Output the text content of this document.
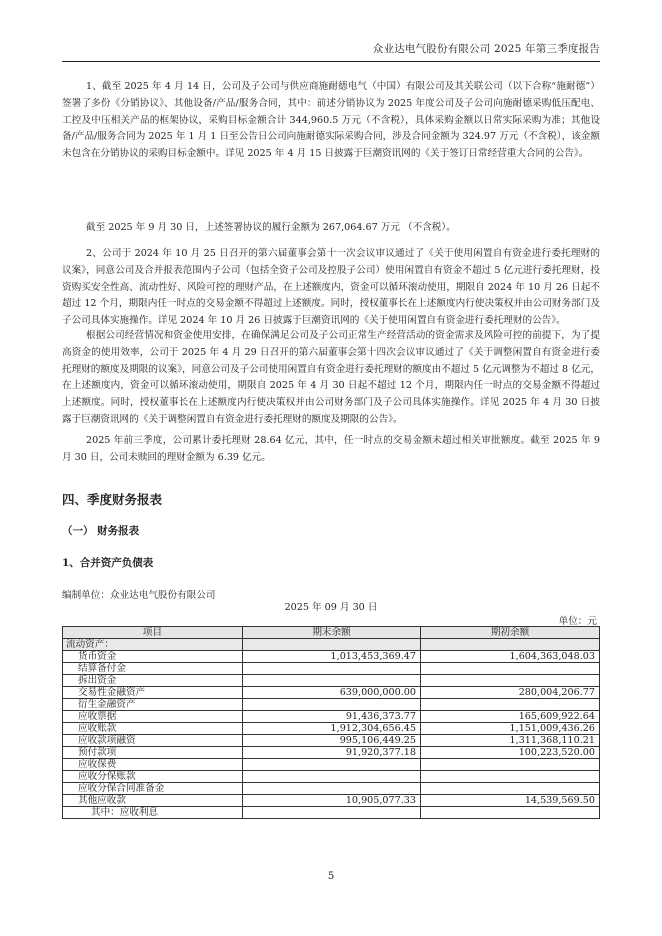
众业达电气股份有限公司 2025 年第三季度报告
1、截至 2025 年 4 月 14 日，公司及子公司与供应商施耐德电气（中国）有限公司及其关联公司（以下合称“施耐德”）签署了多份《分销协议》、其他设备/产品/服务合同，其中：前述分销协议为 2025 年度公司及子公司向施耐德采购低压配电、工控及中压相关产品的框架协议，采购目标金额合计 344,960.5 万元（不含税），具体采购金额以日常实际采购为准；其他设备/产品/服务合同为 2025 年 1 月 1 日至公告日公司向施耐德实际采购合同，涉及合同金额为 324.97 万元（不含税），该金额未包含在分销协议的采购目标金额中。详见 2025 年 4 月 15 日披露于巨潮资讯网的《关于签订日常经营重大合同的公告》。
截至 2025 年 9 月 30 日，上述签署协议的履行金额为 267,064.67 万元 （不含税）。
2、公司于 2024 年 10 月 25 日召开的第六届董事会第十一次会议审议通过了《关于使用闲置自有资金进行委托理财的议案》，同意公司及合并报表范围内子公司（包括全资子公司及控股子公司）使用闲置自有资金不超过 5 亿元进行委托理财，投资购买安全性高、流动性好、风险可控的理财产品，在上述额度内，资金可以循环滚动使用，期限自 2024 年 10 月 26 日起不超过 12 个月，期限内任一时点的交易金额不得超过上述额度。同时，授权董事长在上述额度内行使决策权并由公司财务部门及子公司具体实施操作。详见 2024 年 10 月 26 日披露于巨潮资讯网的《关于使用闲置自有资金进行委托理财的公告》。
根据公司经营情况和资金使用安排，在确保满足公司及子公司正常生产经营活动的资金需求及风险可控的前提下，为了提高资金的使用效率，公司于 2025 年 4 月 29 日召开的第六届董事会第十四次会议审议通过了《关于调整闲置自有资金进行委托理财的额度及期限的议案》，同意公司及子公司使用闲置自有资金进行委托理财的额度由不超过 5 亿元调整为不超过 8 亿元，在上述额度内，资金可以循环滚动使用，期限自 2025 年 4 月 30 日起不超过 12 个月，期限内任一时点的交易金额不得超过上述额度。同时，授权董事长在上述额度内行使决策权并由公司财务部门及子公司具体实施操作。详见 2025 年 4 月 30 日披露于巨潮资讯网的《关于调整闲置自有资金进行委托理财的额度及期限的公告》。
2025 年前三季度，公司累计委托理财 28.64 亿元，其中，任一时点的交易金额未超过相关审批额度。截至 2025 年 9 月 30 日，公司未赎回的理财金额为 6.39 亿元。
四、季度财务报表
（一） 财务报表
1、合并资产负债表
编制单位：众业达电气股份有限公司
2025 年 09 月 30 日
单位：元
项目	期末余额	期初余额
流动资产：		
货币资金	1,013,453,369.47	1,604,363,048.03
结算备付金		
拆出资金		
交易性金融资产	639,000,000.00	280,004,206.77
衍生金融资产		
应收票据	91,436,373.77	165,609,922.64
应收账款	1,912,304,656.45	1,151,009,436.26
应收款项融资	995,106,449.25	1,311,368,110.21
预付款项	91,920,377.18	100,223,520.00
应收保费		
应收分保账款		
应收分保合同准备金		
其他应收款	10,905,077.33	14,539,569.50
其中：应收利息		
5
